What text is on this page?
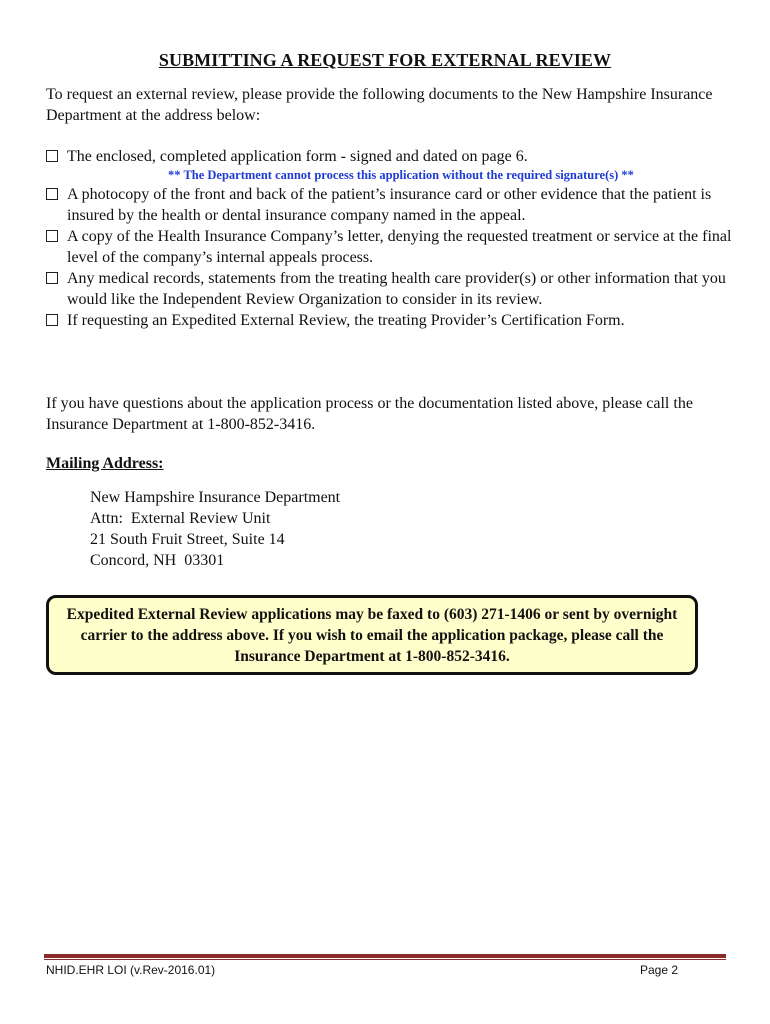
SUBMITTING A REQUEST FOR EXTERNAL REVIEW
To request an external review, please provide the following documents to the New Hampshire Insurance Department at the address below:
The enclosed, completed application form - signed and dated on page 6.
** The Department cannot process this application without the required signature(s) **
A photocopy of the front and back of the patient’s insurance card or other evidence that the patient is insured by the health or dental insurance company named in the appeal.
A copy of the Health Insurance Company’s letter, denying the requested treatment or service at the final level of the company’s internal appeals process.
Any medical records, statements from the treating health care provider(s) or other information that you would like the Independent Review Organization to consider in its review.
If requesting an Expedited External Review, the treating Provider’s Certification Form.
If you have questions about the application process or the documentation listed above, please call the Insurance Department at 1-800-852-3416.
Mailing Address:
New Hampshire Insurance Department
Attn:  External Review Unit
21 South Fruit Street, Suite 14
Concord, NH  03301
Expedited External Review applications may be faxed to (603) 271-1406 or sent by overnight carrier to the address above. If you wish to email the application package, please call the Insurance Department at 1-800-852-3416.
NHID.EHR LOI (v.Rev-2016.01)	Page 2
